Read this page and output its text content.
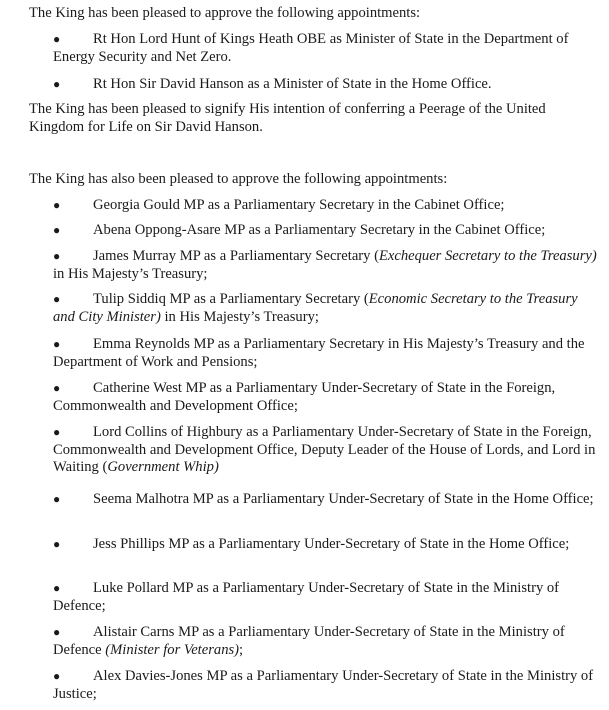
The King has been pleased to approve the following appointments:

● Rt Hon Lord Hunt of Kings Heath OBE as Minister of State in the Department of Energy Security and Net Zero.

● Rt Hon Sir David Hanson as a Minister of State in the Home Office.

The King has been pleased to signify His intention of conferring a Peerage of the United Kingdom for Life on Sir David Hanson.

The King has also been pleased to approve the following appointments:

● Georgia Gould MP as a Parliamentary Secretary in the Cabinet Office;

● Abena Oppong-Asare MP as a Parliamentary Secretary in the Cabinet Office;

● James Murray MP as a Parliamentary Secretary (Exchequer Secretary to the Treasury) in His Majesty’s Treasury;

● Tulip Siddiq MP as a Parliamentary Secretary (Economic Secretary to the Treasury and City Minister) in His Majesty’s Treasury;

● Emma Reynolds MP as a Parliamentary Secretary in His Majesty’s Treasury and the Department of Work and Pensions;

● Catherine West MP as a Parliamentary Under-Secretary of State in the Foreign, Commonwealth and Development Office;

● Lord Collins of Highbury as a Parliamentary Under-Secretary of State in the Foreign, Commonwealth and Development Office, Deputy Leader of the House of Lords, and Lord in Waiting (Government Whip)

● Seema Malhotra MP as a Parliamentary Under-Secretary of State in the Home Office;

● Jess Phillips MP as a Parliamentary Under-Secretary of State in the Home Office;

● Luke Pollard MP as a Parliamentary Under-Secretary of State in the Ministry of Defence;

● Alistair Carns MP as a Parliamentary Under-Secretary of State in the Ministry of Defence (Minister for Veterans);

● Alex Davies-Jones MP as a Parliamentary Under-Secretary of State in the Ministry of Justice;
